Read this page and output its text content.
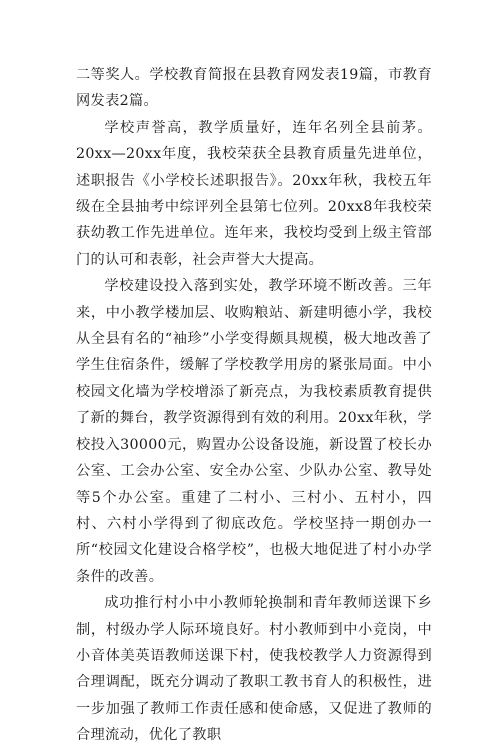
二等奖人。学校教育简报在县教育网发表19篇，市教育网发表2篇。

学校声誉高，教学质量好，连年名列全县前茅。20xx—20xx年度，我校荣获全县教育质量先进单位，述职报告《小学校长述职报告》。20xx年秋，我校五年级在全县抽考中综评列全县第七位列。20xx8年我校荣获幼教工作先进单位。连年来，我校均受到上级主管部门的认可和表彰，社会声誉大大提高。

学校建设投入落到实处，教学环境不断改善。三年来，中小教学楼加层、收购粮站、新建明德小学，我校从全县有名的“袖珍”小学变得颇具规模，极大地改善了学生住宿条件，缓解了学校教学用房的紧张局面。中小校园文化墙为学校增添了新亮点，为我校素质教育提供了新的舞台，教学资源得到有效的利用。20xx年秋，学校投入30000元，购置办公设备设施，新设置了校长办公室、工会办公室、安全办公室、少队办公室、教导处等5个办公室。重建了二村小、三村小、五村小，四村、六村小学得到了彻底改危。学校坚持一期创办一所“校园文化建设合格学校”，也极大地促进了村小办学条件的改善。

成功推行村小中小教师轮换制和青年教师送课下乡制，村级办学人际环境良好。村小教师到中小竞岗，中小音体美英语教师送课下村，使我校教学人力资源得到合理调配，既充分调动了教职工教书育人的积极性，进一步加强了教师工作责任感和使命感，又促进了教师的合理流动，优化了教职
